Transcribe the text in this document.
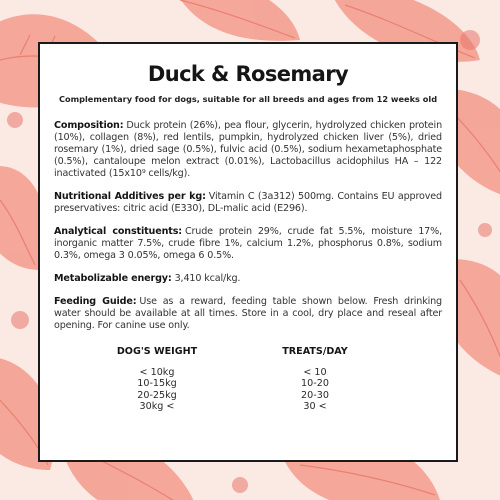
Duck & Rosemary
Complementary food for dogs, suitable for all breeds and ages from 12 weeks old
Composition: Duck protein (26%), pea flour, glycerin, hydrolyzed chicken protein (10%), collagen (8%), red lentils, pumpkin, hydrolyzed chicken liver (5%), dried rosemary (1%), dried sage (0.5%), fulvic acid (0.5%), sodium hexametaphosphate (0.5%), cantaloupe melon extract (0.01%), Lactobacillus acidophilus HA – 122 inactivated (15x10⁹ cells/kg).
Nutritional Additives per kg: Vitamin C (3a312) 500mg. Contains EU approved preservatives: citric acid (E330), DL-malic acid (E296).
Analytical constituents: Crude protein 29%, crude fat 5.5%, moisture 17%, inorganic matter 7.5%, crude fibre 1%, calcium 1.2%, phosphorus 0.8%, sodium 0.3%, omega 3 0.05%, omega 6 0.5%.
Metabolizable energy: 3,410 kcal/kg.
Feeding Guide: Use as a reward, feeding table shown below. Fresh drinking water should be available at all times. Store in a cool, dry place and reseal after opening. For canine use only.
DOG'S WEIGHT	TREATS/DAY
< 10kg	< 10
10-15kg	10-20
20-25kg	20-30
30kg <	30 <
